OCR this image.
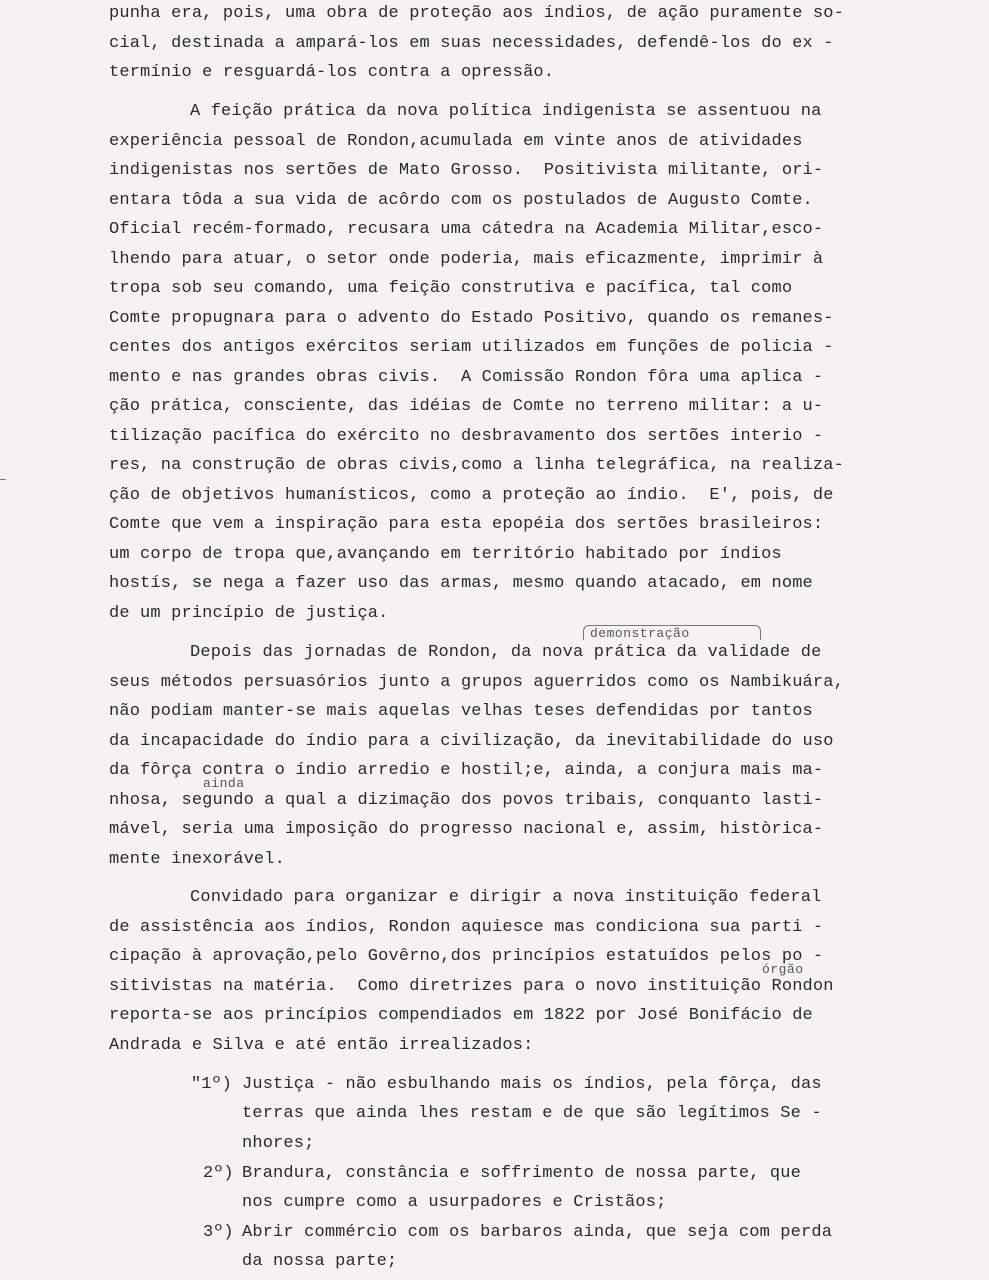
punha era, pois, uma obra de proteção aos índios, de ação puramente so-
cial, destinada a ampará-los em suas necessidades, defendê-los do ex -
termínio e resguardá-los contra a opressão.
A feição prática da nova política indigenista se assentuou na
experiência pessoal de Rondon,acumulada em vinte anos de atividades
indigenistas nos sertões de Mato Grosso.  Positivista militante, ori-
entara tôda a sua vida de acôrdo com os postulados de Augusto Comte.
Oficial recém-formado, recusara uma cátedra na Academia Militar,esco-
lhendo para atuar, o setor onde poderia, mais eficazmente, imprimir à
tropa sob seu comando, uma feição construtiva e pacífica, tal como
Comte propugnara para o advento do Estado Positivo, quando os remanes-
centes dos antigos exércitos seriam utilizados em funções de policia -
mento e nas grandes obras civis.  A Comissão Rondon fôra uma aplica -
ção prática, consciente, das idéias de Comte no terreno militar: a u-
tilização pacífica do exército no desbravamento dos sertões interio -
res, na construção de obras civis,como a linha telegráfica, na realiza-
ção de objetivos humanísticos, como a proteção ao índio.  E', pois, de
Comte que vem a inspiração para esta epopéia dos sertões brasileiros:
um corpo de tropa que,avançando em território habitado por índios
hostís, se nega a fazer uso das armas, mesmo quando atacado, em nome
de um princípio de justiça.
demonstração
Depois das jornadas de Rondon, da nova prática da validade de
seus métodos persuasórios junto a grupos aguerridos como os Nambikuára,
não podiam manter-se mais aquelas velhas teses defendidas por tantos
da incapacidade do índio para a civilização, da inevitabilidade do uso
ainda
da fôrça contra o índio arredio e hostil;e, ainda, a conjura mais ma-
nhosa, segundo a qual a dizimação dos povos tribais, conquanto lasti-
mável, seria uma imposição do progresso nacional e, assim, històrica-
mente inexorável.
Convidado para organizar e dirigir a nova instituição federal
de assistência aos índios, Rondon aquiesce mas condiciona sua parti -
cipação à aprovação,pelo Govêrno,dos princípios estatuídos pelos po -
órgão
sitivistas na matéria.  Como diretrizes para o novo instituição Rondon
reporta-se aos princípios compendiados em 1822 por José Bonifácio de
Andrada e Silva e até então irrealizados:
"1º) Justiça - não esbulhando mais os índios, pela fôrça, das
terras que ainda lhes restam e de que são legítimos Se -
nhores;
2º) Brandura, constância e soffrimento de nossa parte, que
nos cumpre como a usurpadores e Cristãos;
3º) Abrir commércio com os barbaros ainda, que seja com perda
da nossa parte;
